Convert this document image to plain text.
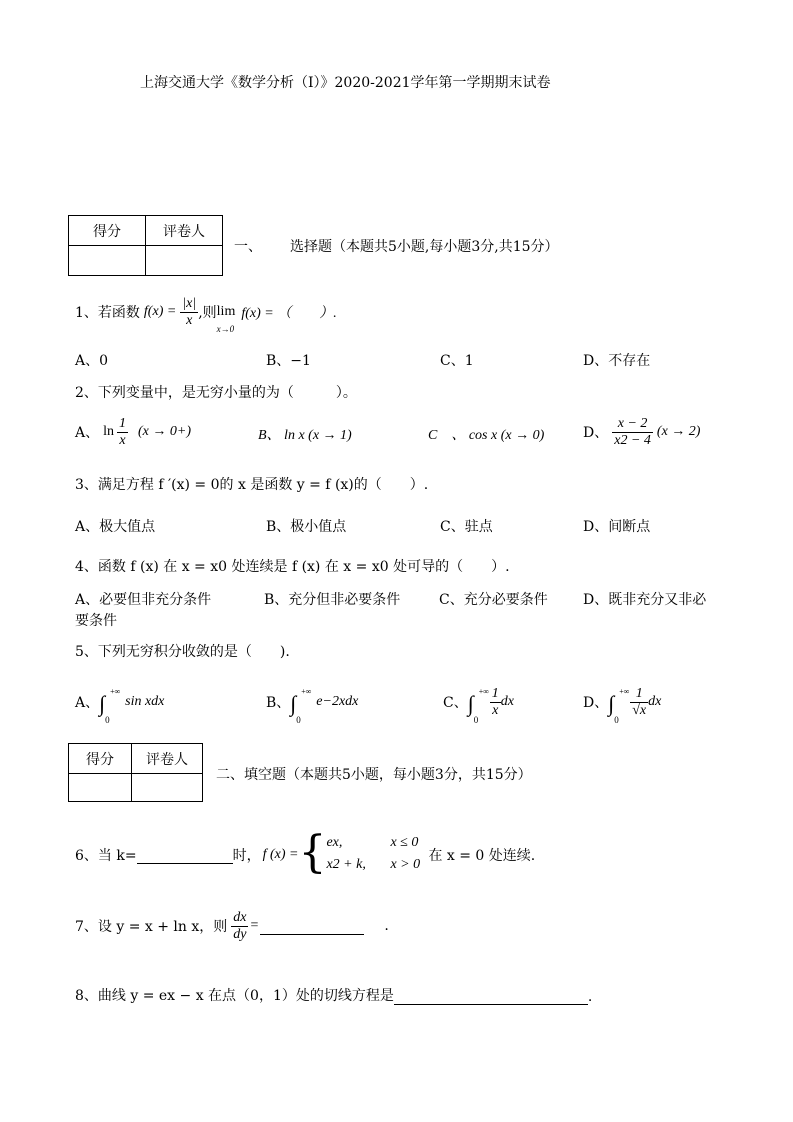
上海交通大学《数学分析（Ⅰ）》2020-2021学年第一学期期末试卷
得分	评卷人

一、 选择题（本题共5小题,每小题3分,共15分）
1、若函数 $f(x) = \frac{|x|}{x}$ ,则 lim
x→0
f(x) = （　　）.
A、0	B、−1	C、1	D、不存在
2、下列变量中，是无穷小量的为（　　　）。
A、 $\ln \frac{1}{x} (x \to 0+)$	B、 ln x (x → 1)	C　、 cos x (x → 0)	D、 $\frac{x - 2}{x2 - 4} (x \to 2)$
3、满足方程 f ′(x) = 0的 x 是函数 y = f (x)的（　　）.
A、极大值点	B、极小值点	C、驻点	D、间断点
4、函数 f (x) 在 x = x0 处连续是 f (x) 在 x = x0 处可导的（　　）.
A、必要但非充分条件	B、充分但非必要条件	C、充分必要条件	D、既非充分又非必
要条件
5、下列无穷积分收敛的是（　　).
A、 ∫ +∞
0
sin xdx	B、 ∫ +∞
0
e−2xdx	C、 ∫ +∞
0
$\frac{1}{x}$ dx	D、 ∫ +∞
0
$\frac{1}{√x}$ dx
得分	评卷人

二、填空题（本题共5小题，每小题3分，共15分）
6、当 k=	时， f (x) = { ex,	x ≤ 0
x2 + k, x > 0
在 x = 0 处连续.
7、设 y = x + ln x，则 $\frac{dx}{dy}$ =	.
8、曲线 y = ex − x 在点（0，1）处的切线方程是	.
